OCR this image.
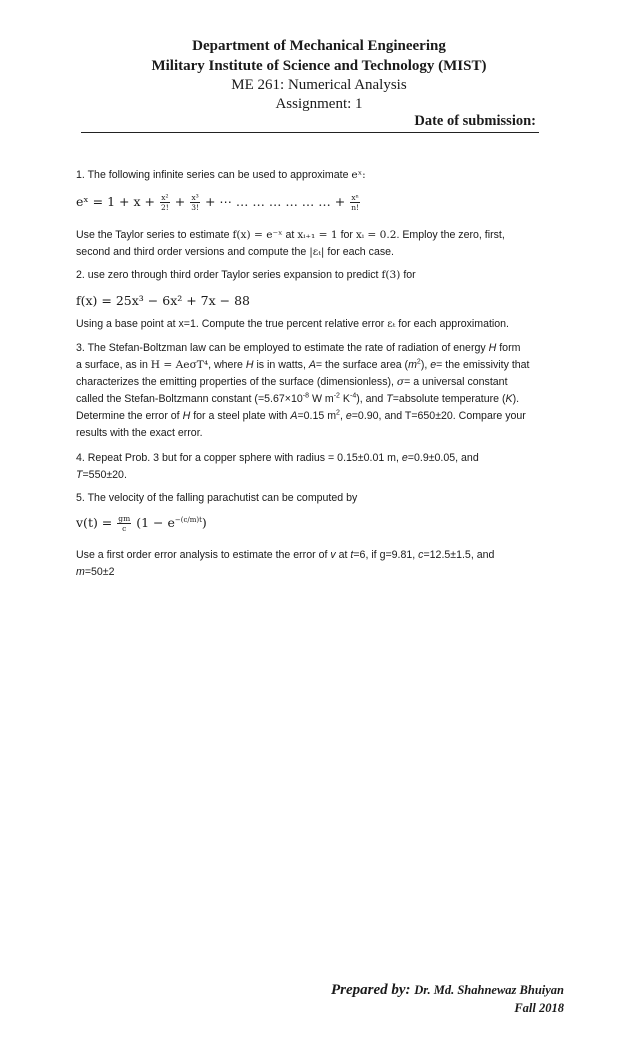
Department of Mechanical Engineering
Military Institute of Science and Technology (MIST)
ME 261: Numerical Analysis
Assignment: 1
Date of submission:
1. The following infinite series can be used to approximate eˣ:
eˣ = $1 + x + \frac{\text{x²}}{2!} + \frac{\text{x³}}{3!}$ + ⋯ … … … … … … + $\frac{\text{xⁿ}}{n!}$
Use the Taylor series to estimate f(x) = e⁻ˣ at xᵢ₊₁ = 1 for xᵢ = 0.2. Employ the zero, first,
second and third order versions and compute the |εₜ| for each case.
2. use zero through third order Taylor series expansion to predict f(3) for
f(x) = 25x³ − 6x² + 7x − 88
Using a base point at x=1. Compute the true percent relative error εₜ for each approximation.
3. The Stefan-Boltzman law can be employed to estimate the rate of radiation of energy H form
a surface, as in H = AeσT⁴, where H is in watts, A= the surface area $(m^2)$, e= the emissivity that
characterizes the emitting properties of the surface (dimensionless), σ= a universal constant
called the Stefan-Boltzmann constant ($=5.67\times 10^{-8}$ W $m^{-2}$ $K^{-4}$), and T=absolute temperature (K).
Determine the error of H for a steel plate with A=0.15 $m^2$, e=0.90, and T=650±20. Compare your
results with the exact error.
4. Repeat Prob. 3 but for a copper sphere with radius = 0.15±0.01 m, e=0.9±0.05, and
T=550±20.
5. The velocity of the falling parachutist can be computed by
$v(t) = \frac{gm}{c} (1 - e^{-(c/m)t})$
Use a first order error analysis to estimate the error of v at t=6, if g=9.81, c=12.5±1.5, and
m=50±2
Prepared by: Dr. Md. Shahnewaz Bhuiyan
Fall 2018
